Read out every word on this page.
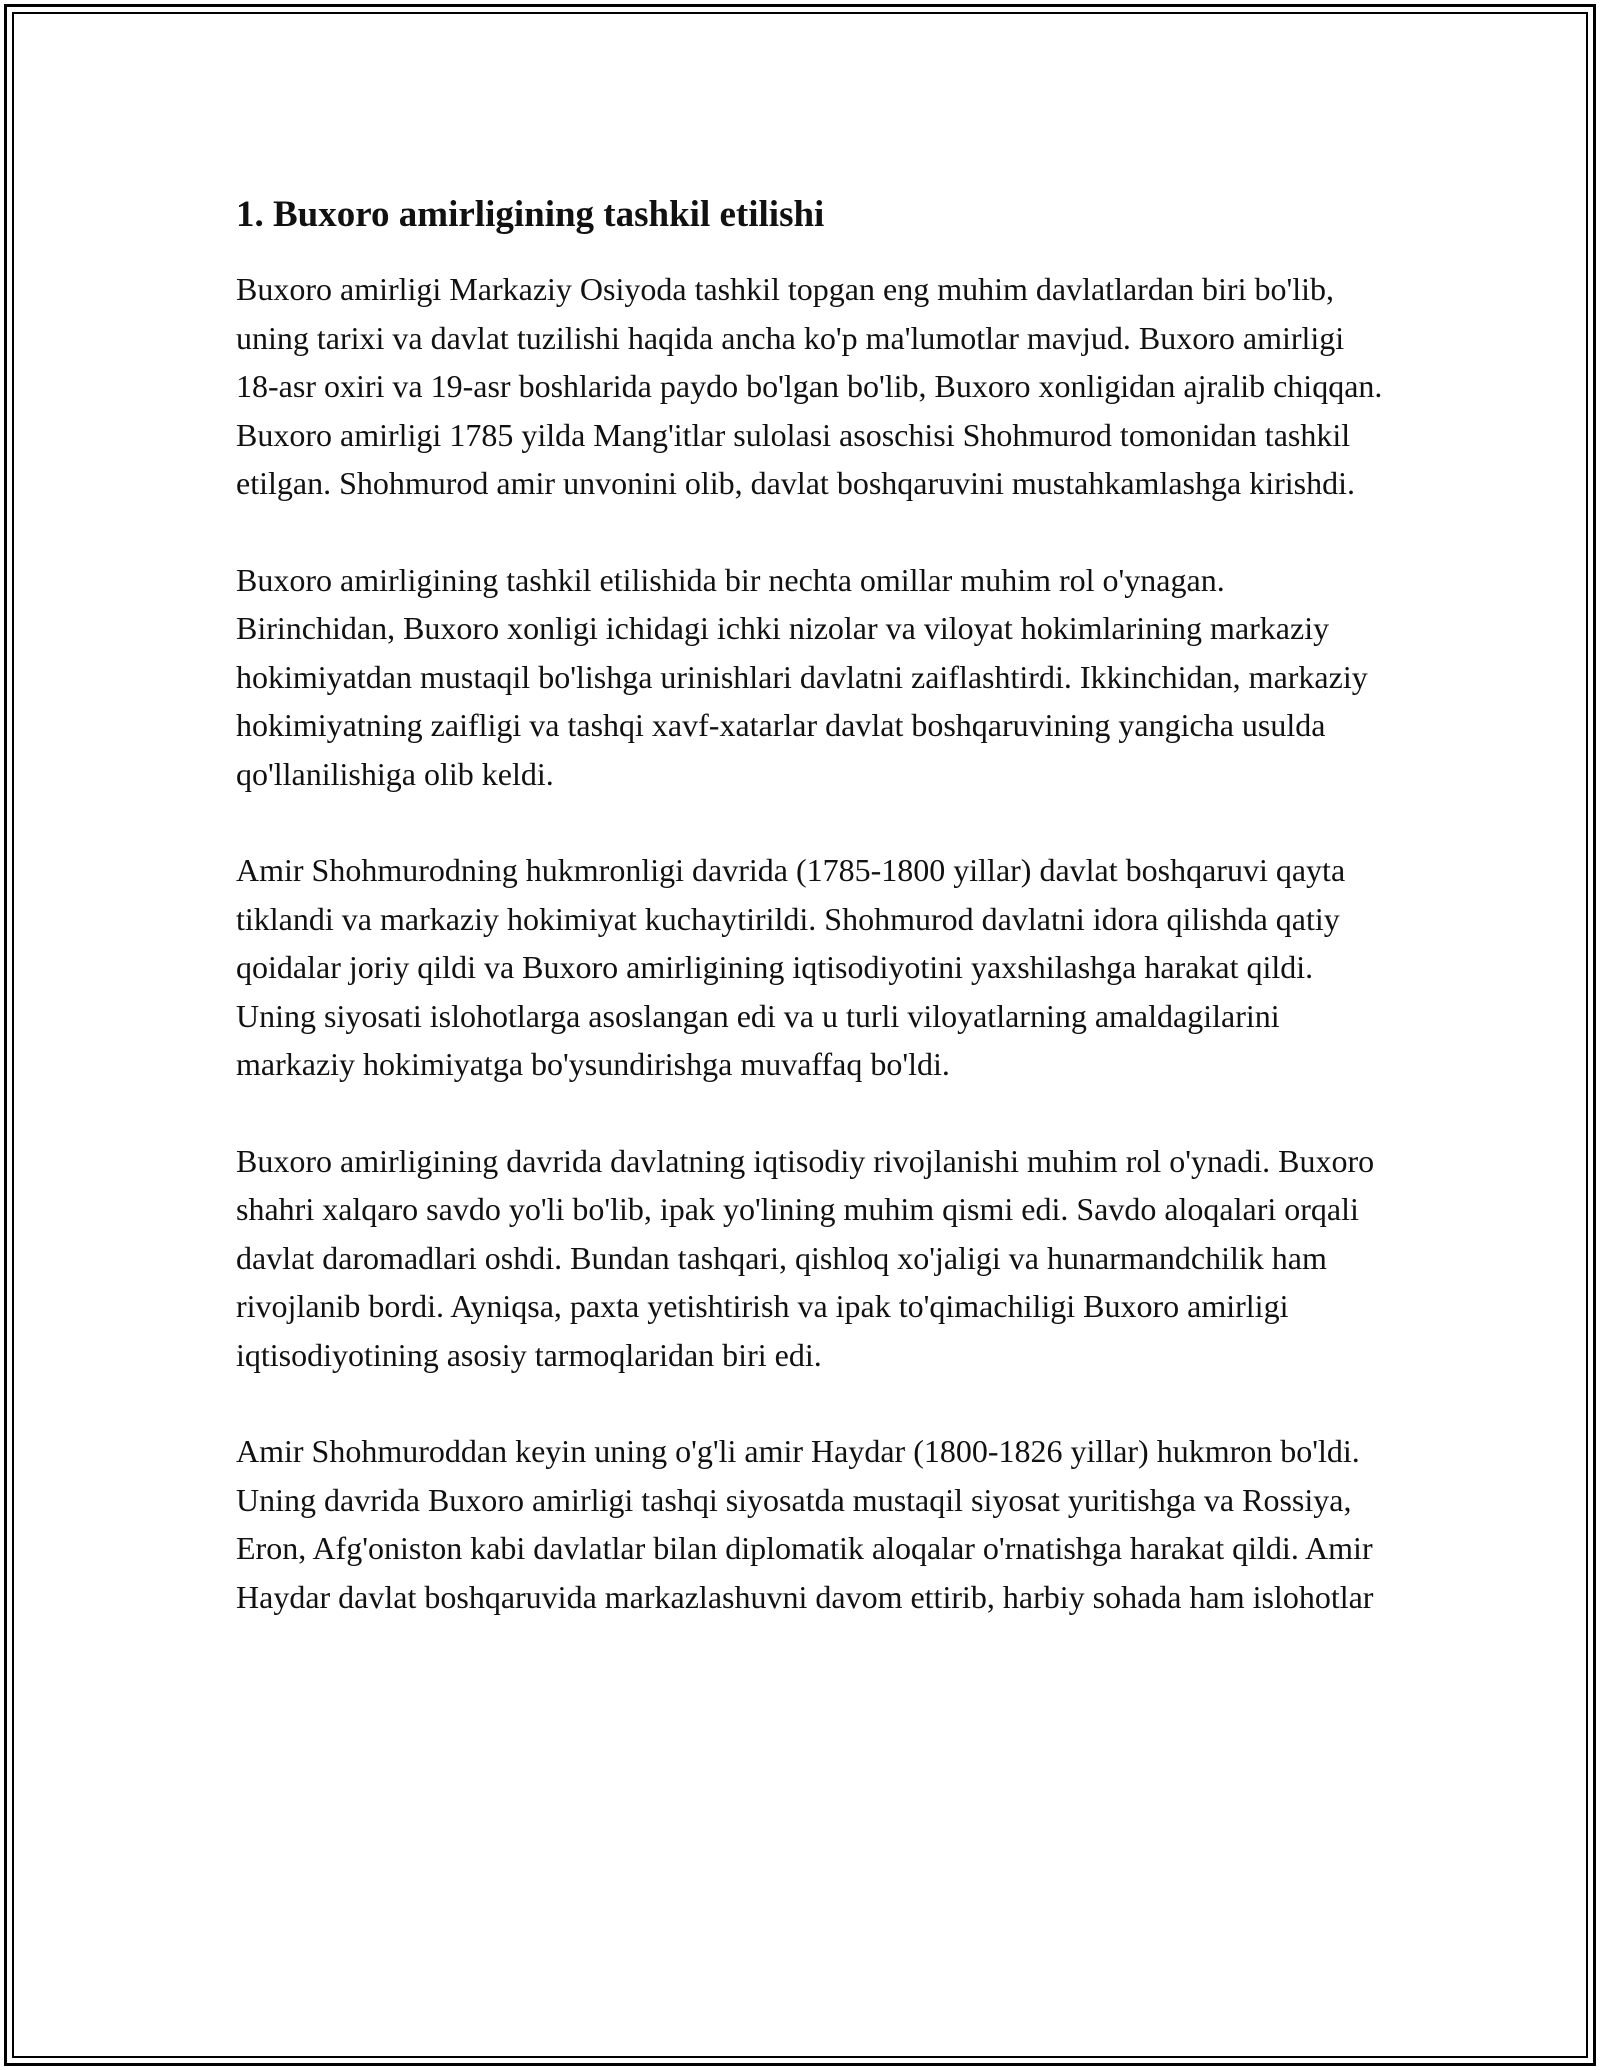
1. Buxoro amirligining tashkil etilishi

Buxoro amirligi Markaziy Osiyoda tashkil topgan eng muhim davlatlardan biri bo'lib, uning tarixi va davlat tuzilishi haqida ancha ko'p ma'lumotlar mavjud. Buxoro amirligi 18-asr oxiri va 19-asr boshlarida paydo bo'lgan bo'lib, Buxoro xonligidan ajralib chiqqan. Buxoro amirligi 1785 yilda Mang'itlar sulolasi asoschisi Shohmurod tomonidan tashkil etilgan. Shohmurod amir unvonini olib, davlat boshqaruvini mustahkamlashga kirishdi.

Buxoro amirligining tashkil etilishida bir nechta omillar muhim rol o'ynagan. Birinchidan, Buxoro xonligi ichidagi ichki nizolar va viloyat hokimlarining markaziy hokimiyatdan mustaqil bo'lishga urinishlari davlatni zaiflashtirdi. Ikkinchidan, markaziy hokimiyatning zaifligi va tashqi xavf-xatarlar davlat boshqaruvining yangicha usulda qo'llanilishiga olib keldi.

Amir Shohmurodning hukmronligi davrida (1785-1800 yillar) davlat boshqaruvi qayta tiklandi va markaziy hokimiyat kuchaytirildi. Shohmurod davlatni idora qilishda qatiy qoidalar joriy qildi va Buxoro amirligining iqtisodiyotini yaxshilashga harakat qildi. Uning siyosati islohotlarga asoslangan edi va u turli viloyatlarning amaldagilarini markaziy hokimiyatga bo'ysundirishga muvaffaq bo'ldi.

Buxoro amirligining davrida davlatning iqtisodiy rivojlanishi muhim rol o'ynadi. Buxoro shahri xalqaro savdo yo'li bo'lib, ipak yo'lining muhim qismi edi. Savdo aloqalari orqali davlat daromadlari oshdi. Bundan tashqari, qishloq xo'jaligi va hunarmandchilik ham rivojlanib bordi. Ayniqsa, paxta yetishtirish va ipak to'qimachiligi Buxoro amirligi iqtisodiyotining asosiy tarmoqlaridan biri edi.

Amir Shohmuroddan keyin uning o'g'li amir Haydar (1800-1826 yillar) hukmron bo'ldi. Uning davrida Buxoro amirligi tashqi siyosatda mustaqil siyosat yuritishga va Rossiya, Eron, Afg'oniston kabi davlatlar bilan diplomatik aloqalar o'rnatishga harakat qildi. Amir Haydar davlat boshqaruvida markazlashuvni davom ettirib, harbiy sohada ham islohotlar
